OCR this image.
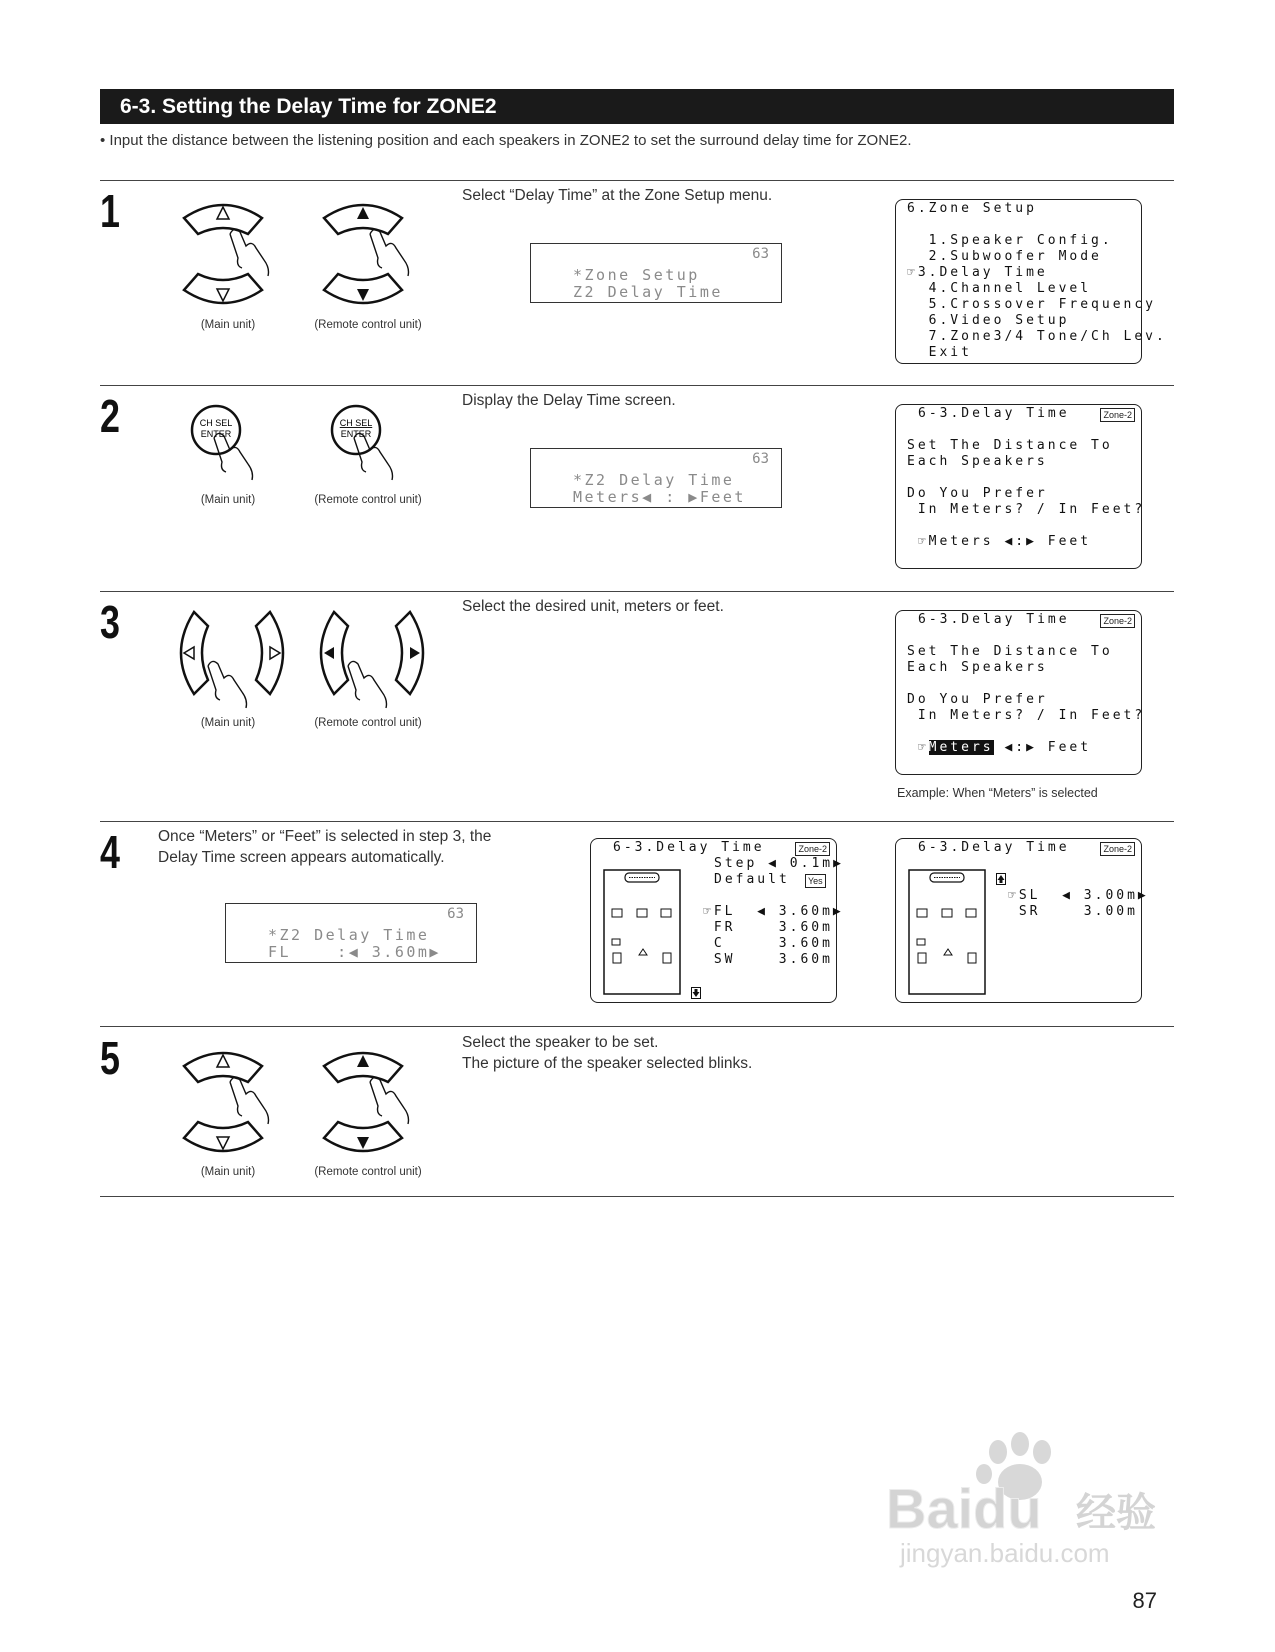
6-3. Setting the Delay Time for ZONE2
• Input the distance between the listening position and each speakers in ZONE2 to set the surround delay time for ZONE2.
1
(Main unit)	(Remote control unit)
Select “Delay Time” at the Zone Setup menu.
63
*Zone Setup
Z2 Delay Time
6.Zone Setup
1.Speaker Config.
2.Subwoofer Mode
☞3.Delay Time
4.Channel Level
5.Crossover Frequency
6.Video Setup
7.Zone3/4 Tone/Ch Lev.
Exit
2	CH SEL
ENTER
CH SEL
ENTER
(Main unit)	(Remote control unit)
Display the Delay Time screen.
63
*Z2 Delay Time
Meters◀ : ▶Feet
6-3.Delay Time	Zone-2
Set The Distance To
Each Speakers
Do You Prefer
In Meters? / In Feet?
☞Meters ◀:▶ Feet
3
(Main unit)	(Remote control unit)
Select the desired unit, meters or feet.
6-3.Delay Time	Zone-2
Set The Distance To
Each Speakers
Do You Prefer
In Meters? / In Feet?
☞Meters ◀:▶ Feet
Example: When “Meters” is selected
4 Once “Meters” or “Feet” is selected in step 3, the
Delay Time screen appears automatically.
63
*Z2 Delay Time
FL    :◀ 3.60m▶
6-3.Delay Time	Zone-2
Step ◀ 0.1m▶
Default	Yes
☞FL  ◀ 3.60m▶
FR    3.60m
C     3.60m
SW    3.60m
6-3.Delay Time	Zone-2
☞SL  ◀ 3.00m▶
SR    3.00m
5
(Main unit)	(Remote control unit)
Select the speaker to be set.
The picture of the speaker selected blinks.
Baidu 经验
jingyan.baidu.com
87
